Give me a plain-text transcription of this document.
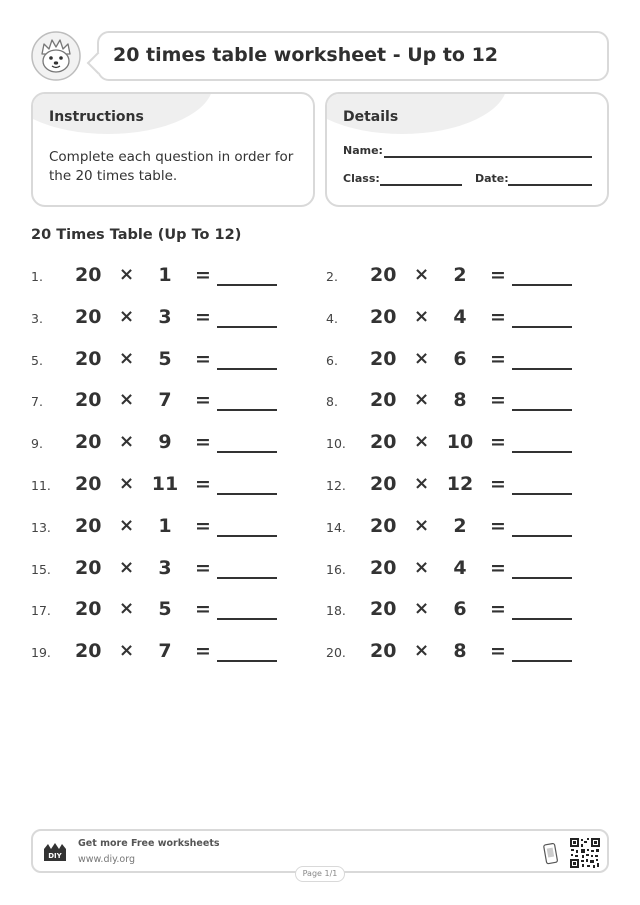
20 times table worksheet - Up to 12
Instructions
Complete each question in order for the 20 times table.
Details
Name:
Class:	Date:
20 Times Table (Up To 12)
1. 20 ×	1	=	2. 20 ×	2	=
3. 20 ×	3	=	4. 20 ×	4	=
5. 20 ×	5	=	6. 20 ×	6	=
7. 20 ×	7	=	8. 20 ×	8	=
9. 20 ×	9	=	10. 20 × 10 =
11. 20 × 11 =	12. 20 × 12 =
13. 20 ×	1	=	14. 20 ×	2	=
15. 20 ×	3	=	16. 20 ×	4	=
17. 20 ×	5	=	18. 20 ×	6	=
19. 20 ×	7	=	20. 20 ×	8	=
DIY
Get more Free worksheets
www.diy.org
Page 1/1
